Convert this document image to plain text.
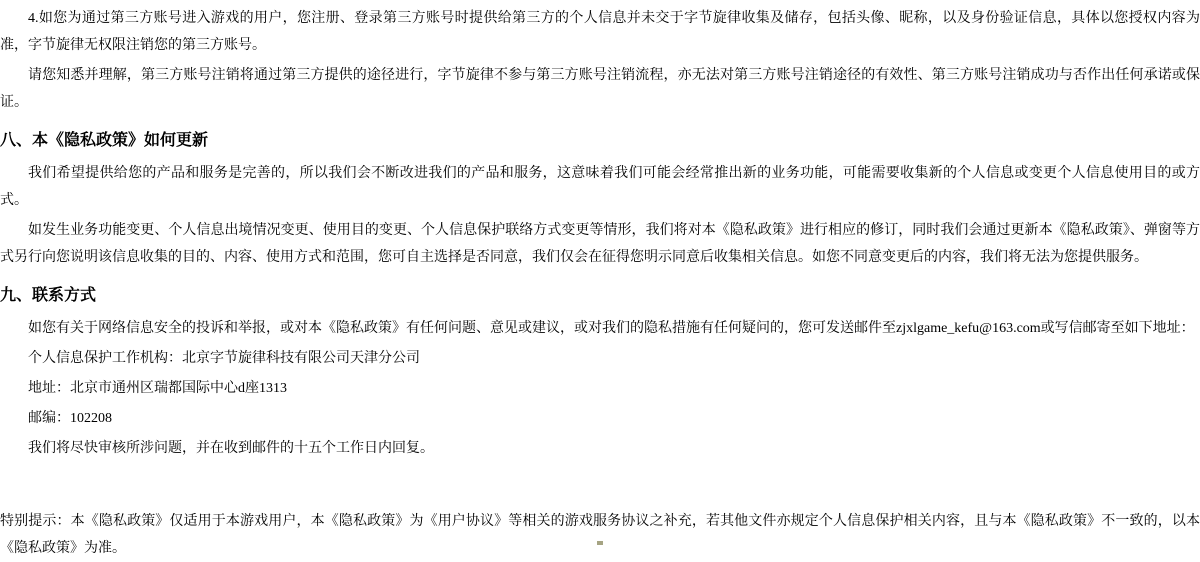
4.如您为通过第三方账号进入游戏的用户，您注册、登录第三方账号时提供给第三方的个人信息并未交于字节旋律收集及储存，包括头像、昵称，以及身份验证信息，具体以您授权内容为准，字节旋律无权限注销您的第三方账号。

请您知悉并理解，第三方账号注销将通过第三方提供的途径进行，字节旋律不参与第三方账号注销流程，亦无法对第三方账号注销途径的有效性、第三方账号注销成功与否作出任何承诺或保证。

八、本《隐私政策》如何更新

我们希望提供给您的产品和服务是完善的，所以我们会不断改进我们的产品和服务，这意味着我们可能会经常推出新的业务功能，可能需要收集新的个人信息或变更个人信息使用目的或方式。

如发生业务功能变更、个人信息出境情况变更、使用目的变更、个人信息保护联络方式变更等情形，我们将对本《隐私政策》进行相应的修订，同时我们会通过更新本《隐私政策》、弹窗等方式另行向您说明该信息收集的目的、内容、使用方式和范围，您可自主选择是否同意，我们仅会在征得您明示同意后收集相关信息。如您不同意变更后的内容，我们将无法为您提供服务。

九、联系方式

如您有关于网络信息安全的投诉和举报，或对本《隐私政策》有任何问题、意见或建议，或对我们的隐私措施有任何疑问的，您可发送邮件至zjxlgame_kefu@163.com或写信邮寄至如下地址：

个人信息保护工作机构：北京字节旋律科技有限公司天津分公司

地址：北京市通州区瑞都国际中心d座1313

邮编：102208

我们将尽快审核所涉问题，并在收到邮件的十五个工作日内回复。

特别提示：本《隐私政策》仅适用于本游戏用户，本《隐私政策》为《用户协议》等相关的游戏服务协议之补充，若其他文件亦规定个人信息保护相关内容，且与本《隐私政策》不一致的，以本《隐私政策》为准。
